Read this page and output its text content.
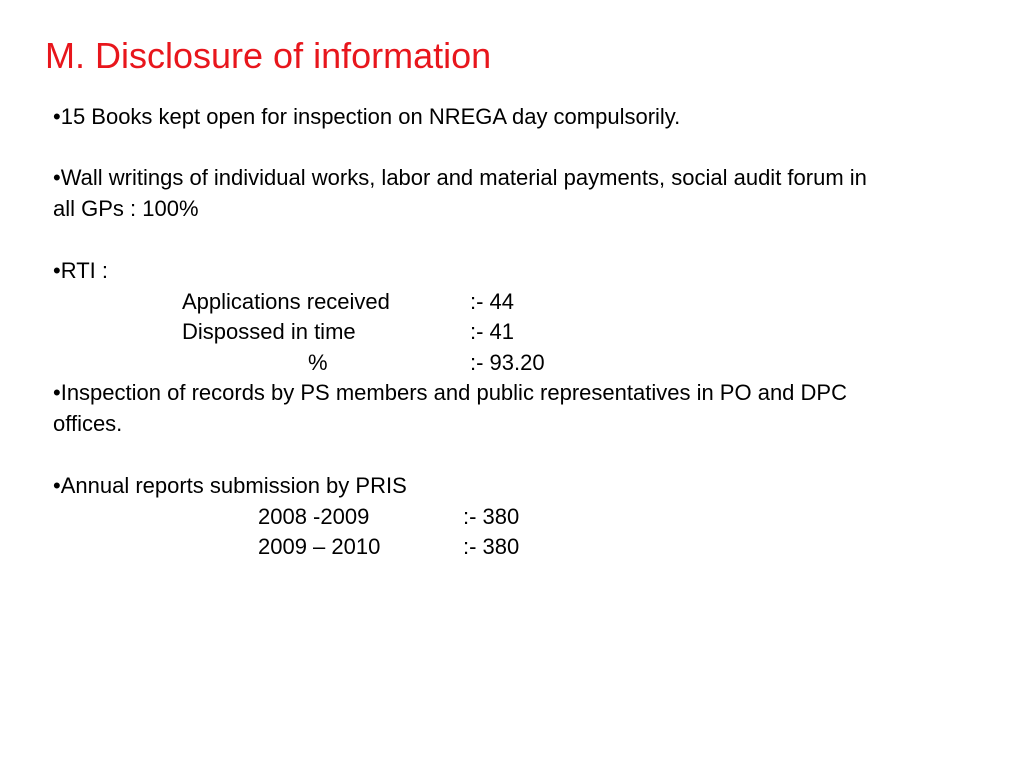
M. Disclosure of information
•15 Books kept open for inspection on NREGA day compulsorily.
•Wall writings of individual works, labor and material payments, social audit forum in
all GPs : 100%
•RTI :
Applications received	:- 44
Dispossed in time	:- 41
%	:- 93.20
•Inspection of records by PS members and public representatives in PO and DPC
offices.
•Annual reports submission by PRIS
2008 -2009	:- 380
2009 – 2010	:- 380
